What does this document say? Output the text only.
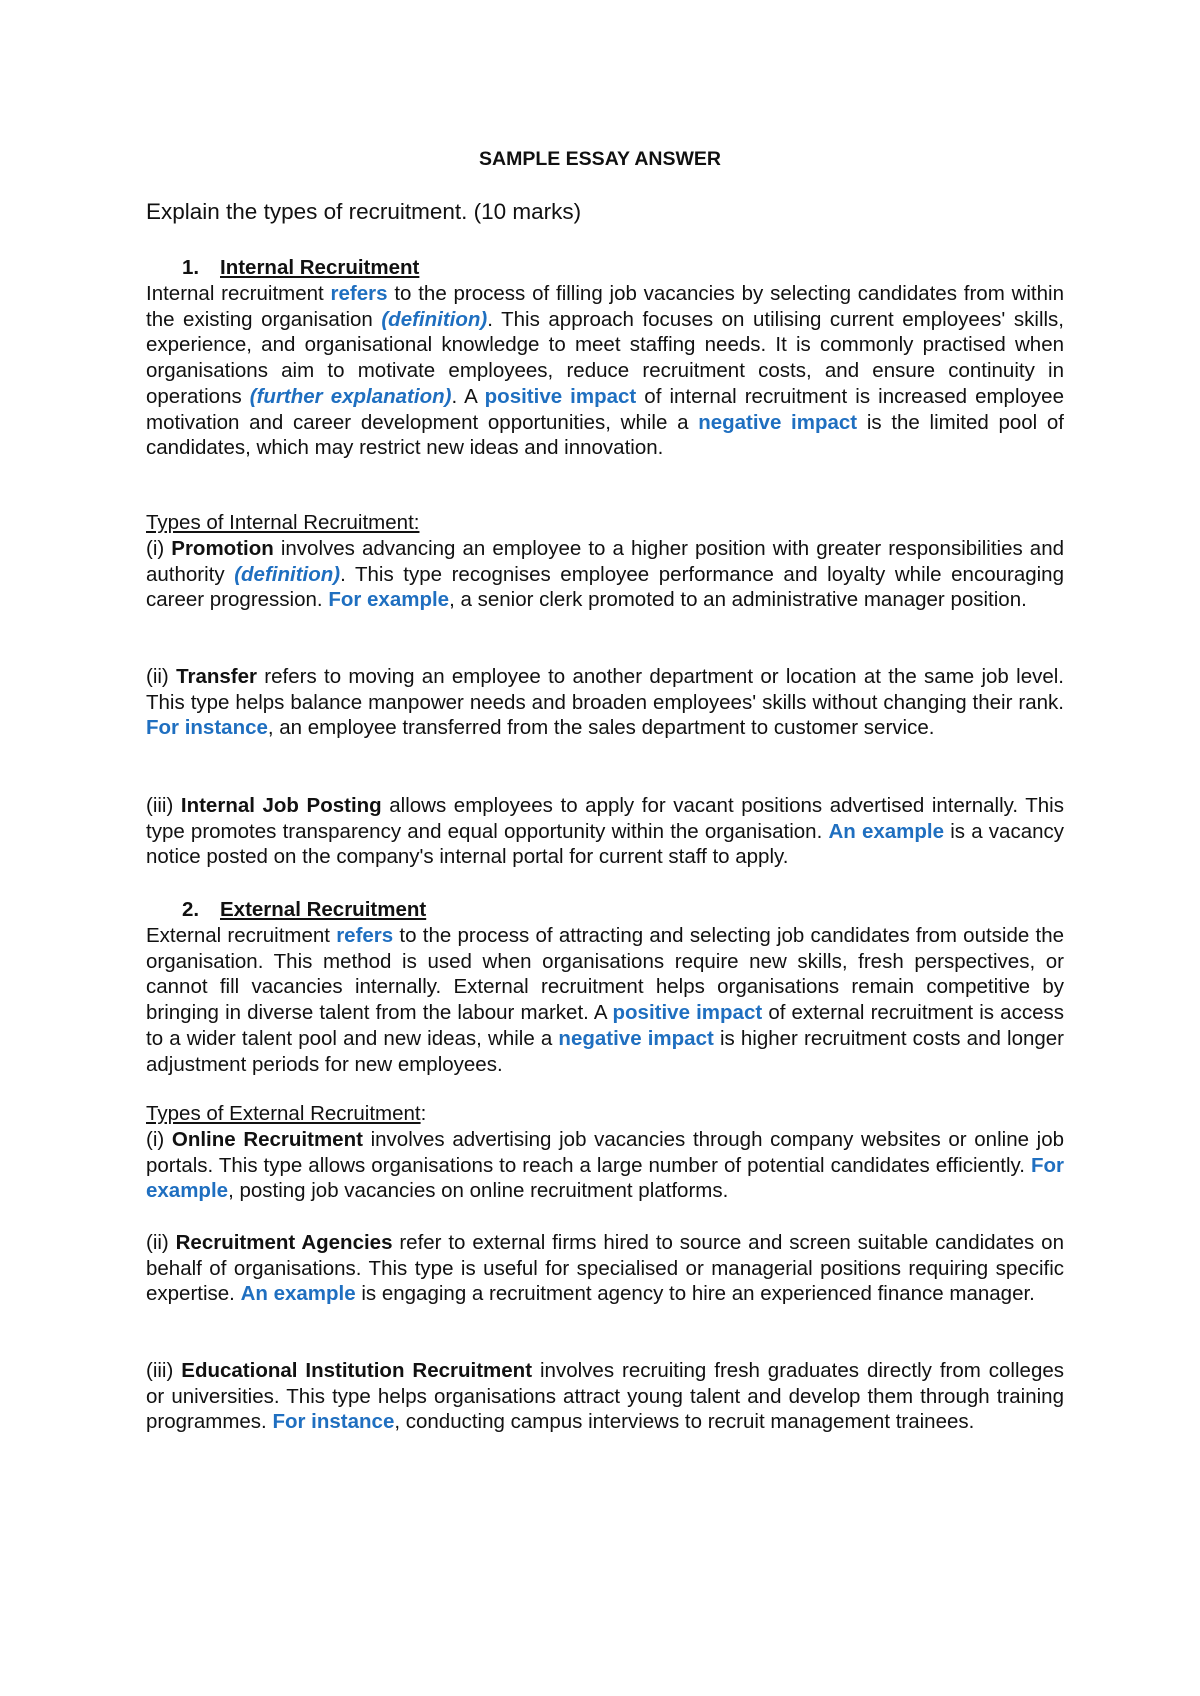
SAMPLE ESSAY ANSWER

Explain the types of recruitment. (10 marks)

1. Internal Recruitment

Internal recruitment refers to the process of filling job vacancies by selecting candidates from within the existing organisation (definition). This approach focuses on utilising current employees' skills, experience, and organisational knowledge to meet staffing needs. It is commonly practised when organisations aim to motivate employees, reduce recruitment costs, and ensure continuity in operations (further explanation). A positive impact of internal recruitment is increased employee motivation and career development opportunities, while a negative impact is the limited pool of candidates, which may restrict new ideas and innovation.

Types of Internal Recruitment:

(i) Promotion involves advancing an employee to a higher position with greater responsibilities and authority (definition). This type recognises employee performance and loyalty while encouraging career progression. For example, a senior clerk promoted to an administrative manager position.

(ii) Transfer refers to moving an employee to another department or location at the same job level. This type helps balance manpower needs and broaden employees' skills without changing their rank. For instance, an employee transferred from the sales department to customer service.

(iii) Internal Job Posting allows employees to apply for vacant positions advertised internally. This type promotes transparency and equal opportunity within the organisation. An example is a vacancy notice posted on the company's internal portal for current staff to apply.

2. External Recruitment

External recruitment refers to the process of attracting and selecting job candidates from outside the organisation. This method is used when organisations require new skills, fresh perspectives, or cannot fill vacancies internally. External recruitment helps organisations remain competitive by bringing in diverse talent from the labour market. A positive impact of external recruitment is access to a wider talent pool and new ideas, while a negative impact is higher recruitment costs and longer adjustment periods for new employees.

Types of External Recruitment:

(i) Online Recruitment involves advertising job vacancies through company websites or online job portals. This type allows organisations to reach a large number of potential candidates efficiently. For example, posting job vacancies on online recruitment platforms.

(ii) Recruitment Agencies refer to external firms hired to source and screen suitable candidates on behalf of organisations. This type is useful for specialised or managerial positions requiring specific expertise. An example is engaging a recruitment agency to hire an experienced finance manager.

(iii) Educational Institution Recruitment involves recruiting fresh graduates directly from colleges or universities. This type helps organisations attract young talent and develop them through training programmes. For instance, conducting campus interviews to recruit management trainees.
